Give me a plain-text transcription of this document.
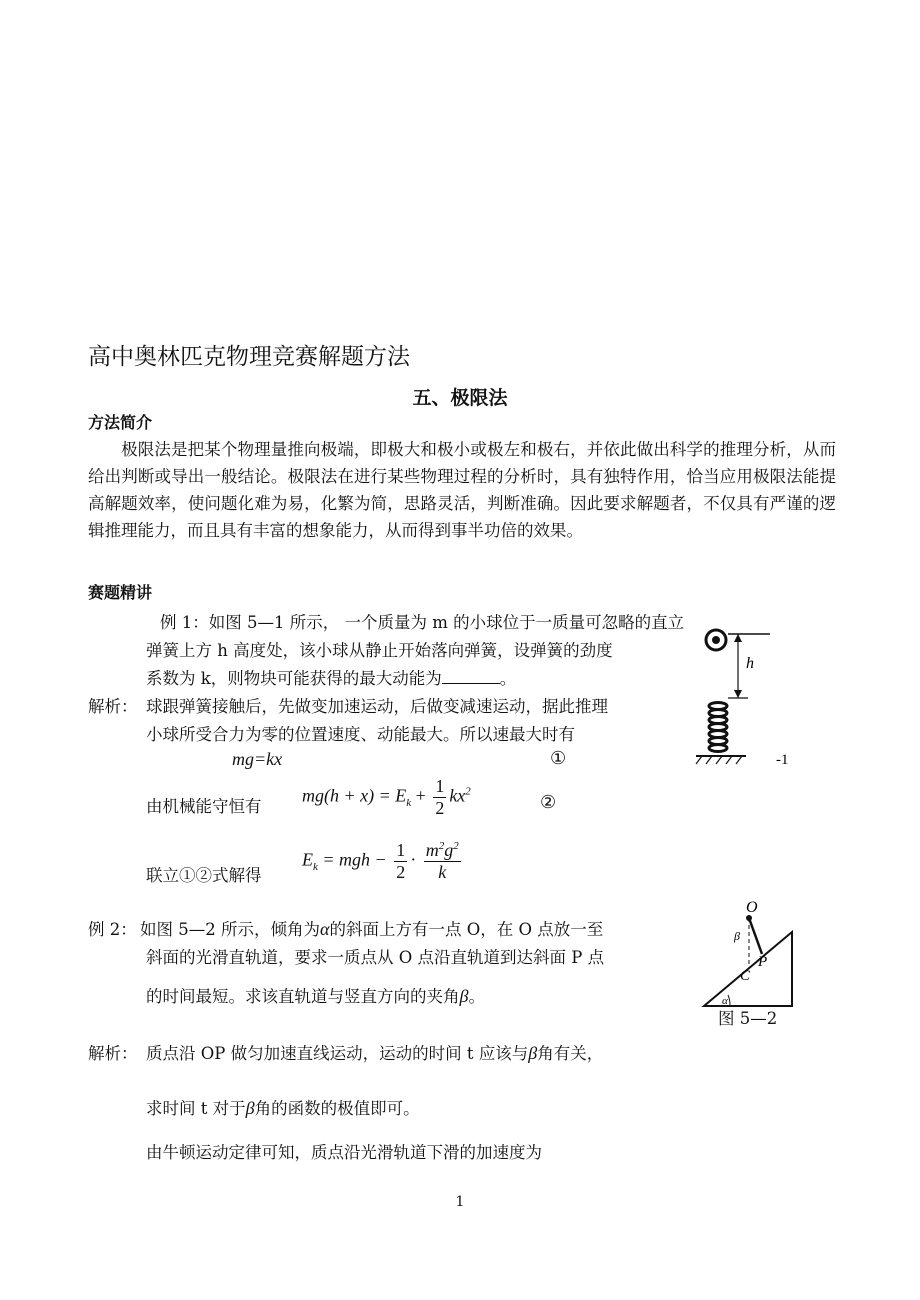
高中奥林匹克物理竞赛解题方法
五、极限法
方法简介
极限法是把某个物理量推向极端，即极大和极小或极左和极右，并依此做出科学的推理分析，从而给出判断或导出一般结论。极限法在进行某些物理过程的分析时，具有独特作用，恰当应用极限法能提高解题效率，使问题化难为易，化繁为简，思路灵活，判断准确。因此要求解题者，不仅具有严谨的逻辑推理能力，而且具有丰富的想象能力，从而得到事半功倍的效果。
赛题精讲
例 1：如图 5—1 所示， 一个质量为 m 的小球位于一质量可忽略的直立
弹簧上方 h 高度处，该小球从静止开始落向弹簧，设弹簧的劲度
系数为 k，则物块可能获得的最大动能为	。
解析： 球跟弹簧接触后，先做变加速运动，后做变减速运动，据此推理
小球所受合力为零的位置速度、动能最大。所以速最大时有
mg=kx	①
由机械能守恒有
$mg(h + x) = E_k + \frac{1}{2} kx^2$
②
联立①②式解得
$E_k$ = mgh − $\frac{1}{2} \cdot \frac{m^2g^2}{k}$
h
-1
例 2： 如图 5—2 所示，倾角为α的斜面上方有一点 O，在 O 点放一至
斜面的光滑直轨道，要求一质点从 O 点沿直轨道到达斜面 P 点
的时间最短。求该直轨道与竖直方向的夹角β。	α
O
β
C
P
图 5—2
解析： 质点沿 OP 做匀加速直线运动，运动的时间 t 应该与β角有关，
求时间 t 对于β角的函数的极值即可。
由牛顿运动定律可知，质点沿光滑轨道下滑的加速度为
1
